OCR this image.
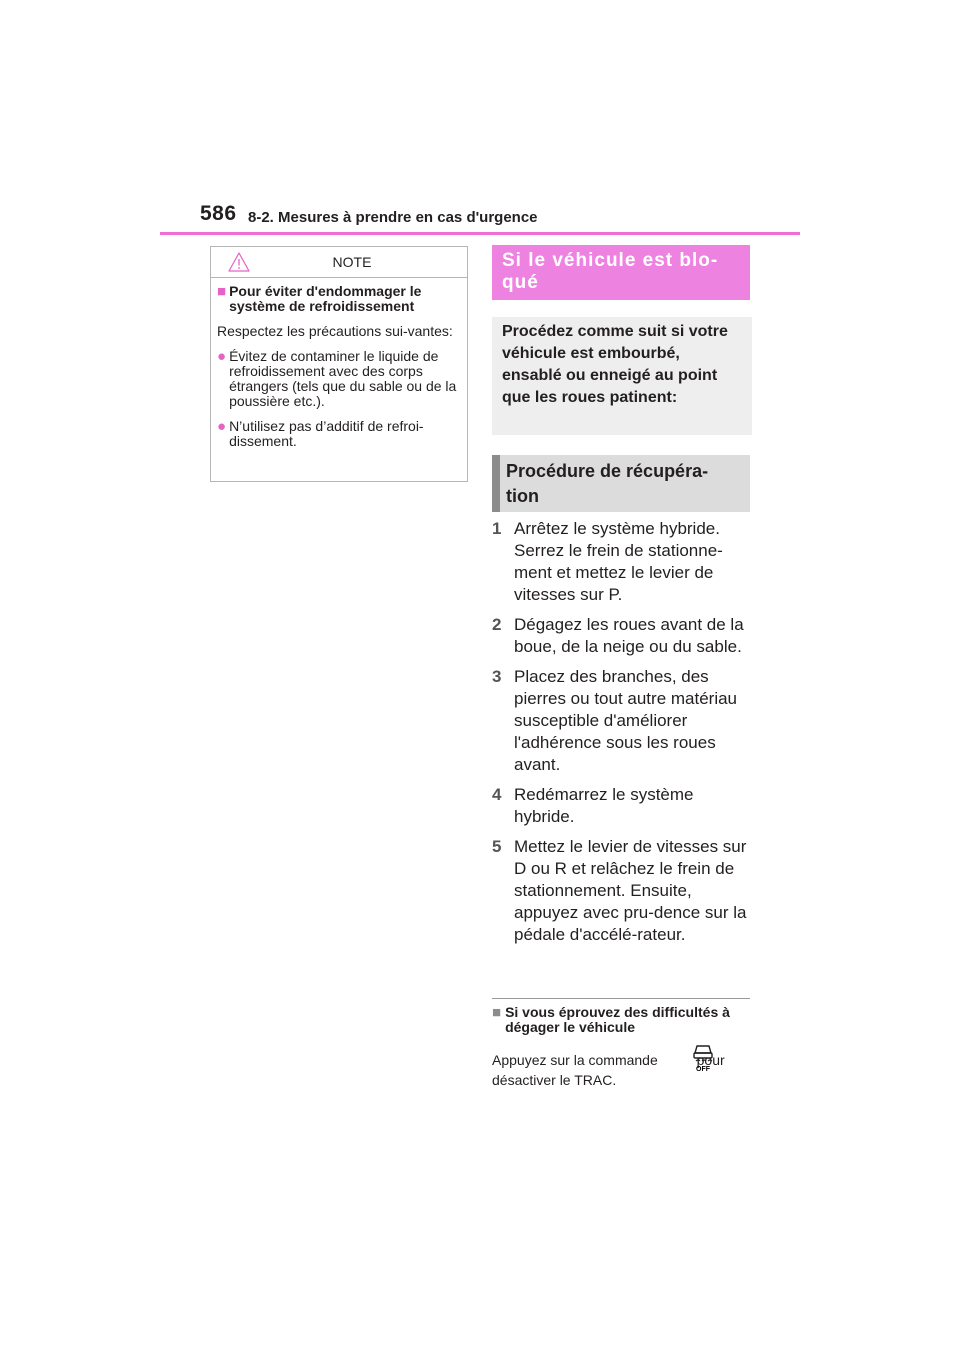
586 8-2. Mesures à prendre en cas d'urgence
NOTE
■ Pour éviter d'endommager le système de refroidissement
Respectez les précautions sui-vantes:
● Évitez de contaminer le liquide de refroidissement avec des corps étrangers (tels que du sable ou de la poussière etc.).
● N’utilisez pas d’additif de refroi-dissement.
Si le véhicule est blo-qué
Procédez comme suit si votre véhicule est embourbé, ensablé ou enneigé au point que les roues patinent:
Procédure de récupéra-tion
1 Arrêtez le système hybride. Serrez le frein de stationne-ment et mettez le levier de vitesses sur P.
2 Dégagez les roues avant de la boue, de la neige ou du sable.
3 Placez des branches, des pierres ou tout autre matériau susceptible d'améliorer l'adhérence sous les roues avant.
4 Redémarrez le système hybride.
5 Mettez le levier de vitesses sur D ou R et relâchez le frein de stationnement. Ensuite, appuyez avec pru-dence sur la pédale d'accélé-rateur.
■ Si vous éprouvez des difficultés à dégager le véhicule
Appuyez sur la commande          pour désactiver le TRAC.
OFF
